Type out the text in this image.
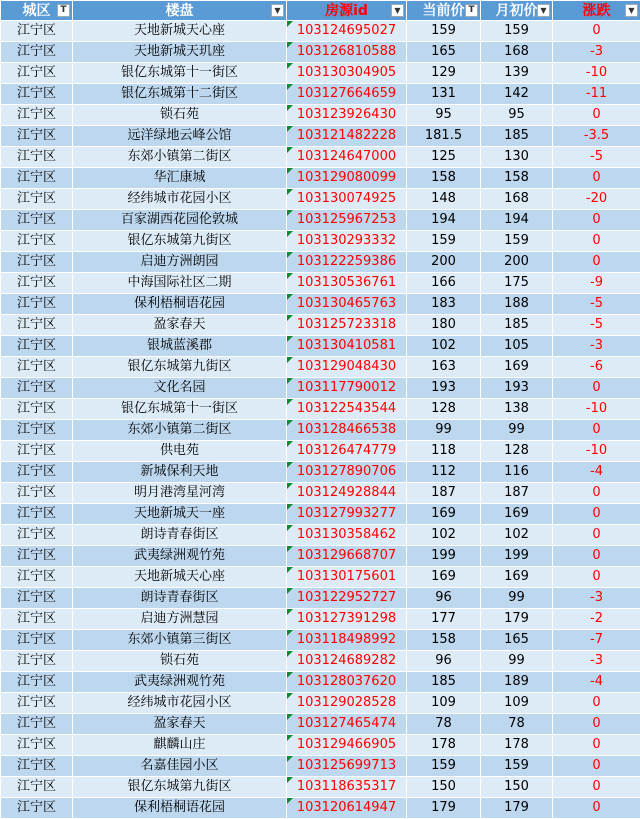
城区 T	楼盘 ▼	房源id ▼	当前价 T	月初价 ▼	涨跌 ▼

江宁区	天地新城天心座	103124695027	159	159	0
江宁区	天地新城天玑座	103126810588	165	168	-3
江宁区	银亿东城第十一街区	103130304905	129	139	-10
江宁区	银亿东城第十二街区	103127664659	131	142	-11
江宁区	锁石苑	103123926430	95	95	0
江宁区	远洋绿地云峰公馆	103121482228	181.5	185	-3.5
江宁区	东郊小镇第二街区	103124647000	125	130	-5
江宁区	华汇康城	103129080099	158	158	0
江宁区	经纬城市花园小区	103130074925	148	168	-20
江宁区	百家湖西花园伦敦城	103125967253	194	194	0
江宁区	银亿东城第九街区	103130293332	159	159	0
江宁区	启迪方洲朗园	103122259386	200	200	0
江宁区	中海国际社区二期	103130536761	166	175	-9
江宁区	保利梧桐语花园	103130465763	183	188	-5
江宁区	盈家春天	103125723318	180	185	-5
江宁区	银城蓝溪郡	103130410581	102	105	-3
江宁区	银亿东城第九街区	103129048430	163	169	-6
江宁区	文化名园	103117790012	193	193	0
江宁区	银亿东城第十一街区	103122543544	128	138	-10
江宁区	东郊小镇第二街区	103128466538	99	99	0
江宁区	供电苑	103126474779	118	128	-10
江宁区	新城保利天地	103127890706	112	116	-4
江宁区	明月港湾星河湾	103124928844	187	187	0
江宁区	天地新城天一座	103127993277	169	169	0
江宁区	朗诗青春街区	103130358462	102	102	0
江宁区	武夷绿洲观竹苑	103129668707	199	199	0
江宁区	天地新城天心座	103130175601	169	169	0
江宁区	朗诗青春街区	103122952727	96	99	-3
江宁区	启迪方洲慧园	103127391298	177	179	-2
江宁区	东郊小镇第三街区	103118498992	158	165	-7
江宁区	锁石苑	103124689282	96	99	-3
江宁区	武夷绿洲观竹苑	103128037620	185	189	-4
江宁区	经纬城市花园小区	103129028528	109	109	0
江宁区	盈家春天	103127465474	78	78	0
江宁区	麒麟山庄	103129466905	178	178	0
江宁区	名嘉佳园小区	103125699713	159	159	0
江宁区	银亿东城第九街区	103118635317	150	150	0
江宁区	保利梧桐语花园	103120614947	179	179	0
